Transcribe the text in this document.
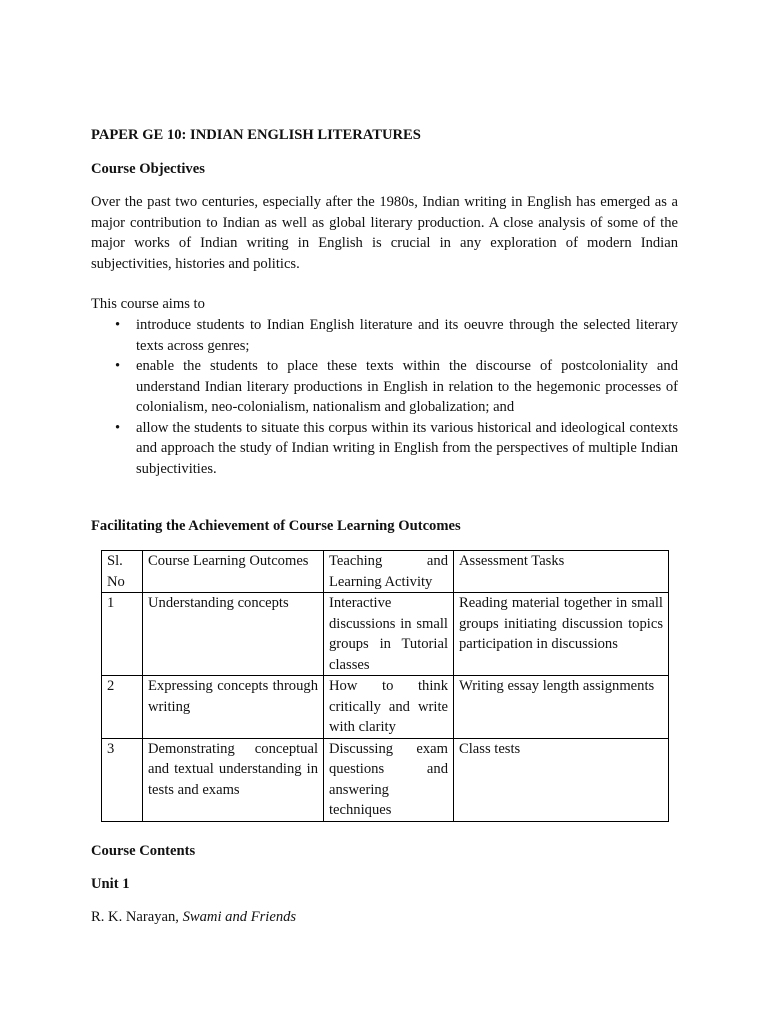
PAPER GE 10: INDIAN ENGLISH LITERATURES
Course Objectives
Over the past two centuries, especially after the 1980s, Indian writing in English has emerged as a major contribution to Indian as well as global literary production. A close analysis of some of the major works of Indian writing in English is crucial in any exploration of modern Indian subjectivities, histories and politics.
This course aims to
• introduce students to Indian English literature and its oeuvre through the selected literary texts across genres;
• enable the students to place these texts within the discourse of postcoloniality and understand Indian literary productions in English in relation to the hegemonic processes of colonialism, neo-colonialism, nationalism and globalization; and
• allow the students to situate this corpus within its various historical and ideological contexts and approach the study of Indian writing in English from the perspectives of multiple Indian subjectivities.
Facilitating the Achievement of Course Learning Outcomes
Sl. No	Course Learning Outcomes	Teaching and Learning Activity	Assessment Tasks
1	Understanding concepts	Interactive discussions in small groups in Tutorial classes	Reading material together in small groups initiating discussion topics participation in discussions
2	Expressing concepts through writing	How to think critically and write with clarity	Writing essay length assignments
3	Demonstrating conceptual and textual understanding in tests and exams	Discussing exam questions and answering techniques	Class tests
Course Contents
Unit 1
R. K. Narayan, Swami and Friends
